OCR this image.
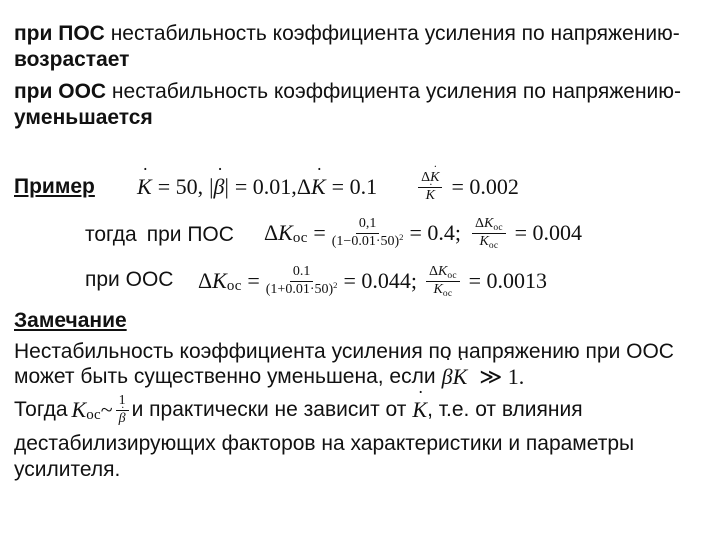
при ПОС нестабильность коэффициента усиления по напряжению-
возрастает
при ООС нестабильность коэффициента усиления по напряжению-
уменьшается
Пример K ˙ = 50, | β ˙ | = 0.01, Δ K ˙ = 0.1	$\frac{\Delta K ˙}{K}$ ˙ = 0.002
тогда при ПОС Δ K ос = $\frac{0,1}{(1-0.01\cdot 50)^2} = 0.4$; $\frac{\Delta K_{ос}}{K_{ос}} = 0.004$
при ООС Δ K ос = $\frac{0.1}{(1+0.01\cdot 50)^2} = 0.044$; $\frac{\Delta K_{ос}}{K_{ос}} = 0.0013$
Замечание
Нестабильность коэффициента усиления по напряжению при ООС
может быть существенно уменьшена, если β ˙ K ˙ ≫ 1.
Тогда K ос ~ $\frac{1}{\beta}$ ˙ и практически не зависит от K ˙ , т.е. от влияния
дестабилизирующих факторов на характеристики и параметры
усилителя.
